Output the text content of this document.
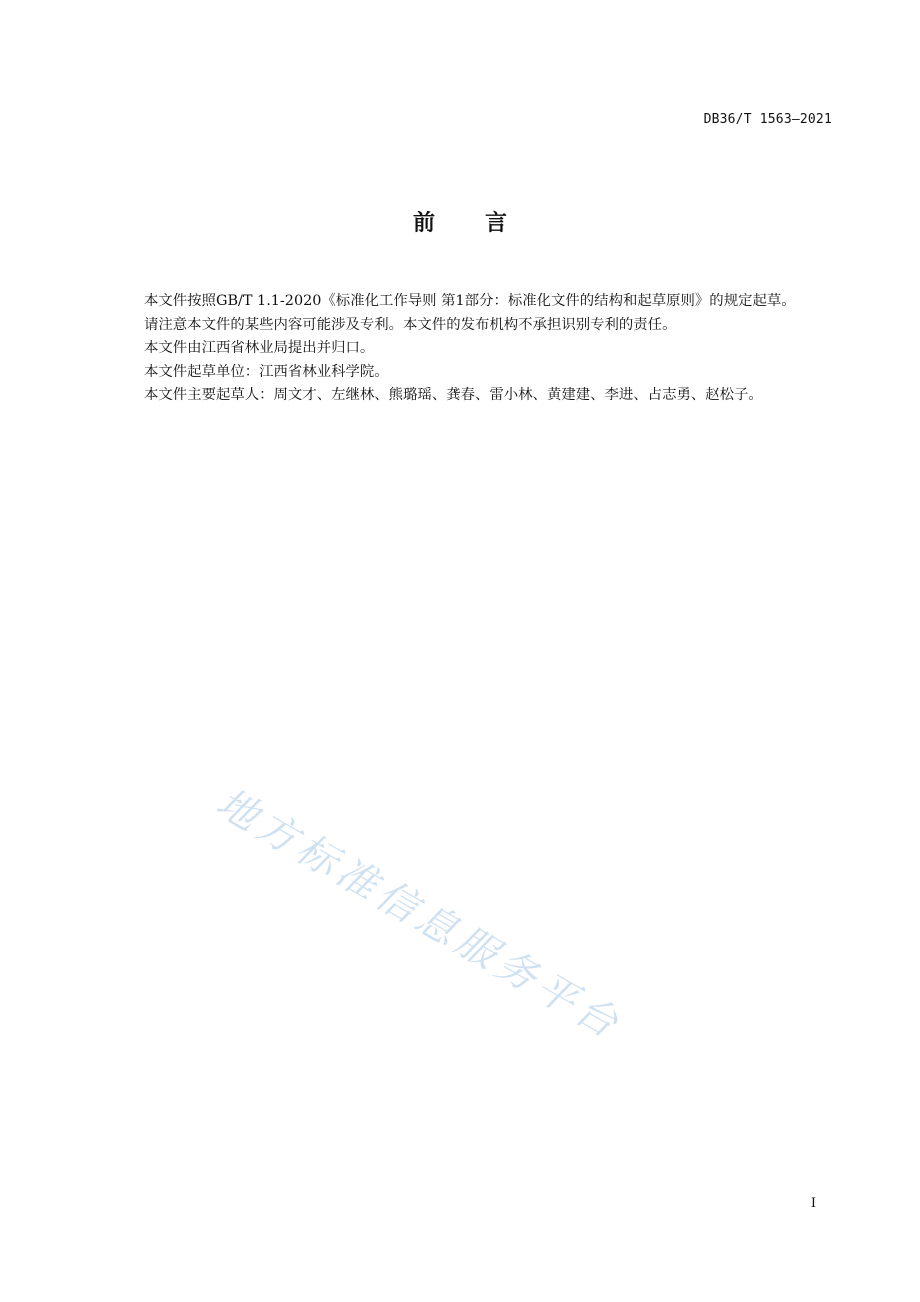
DB36/T 1563—2021
前言

本文件按照GB/T 1.1-2020《标准化工作导则 第1部分：标准化文件的结构和起草原则》的规定起草。

请注意本文件的某些内容可能涉及专利。本文件的发布机构不承担识别专利的责任。

本文件由江西省林业局提出并归口。

本文件起草单位：江西省林业科学院。

本文件主要起草人：周文才、左继林、熊璐瑶、龚春、雷小林、黄建建、李进、占志勇、赵松子。

地方标准信息服务平台
I
